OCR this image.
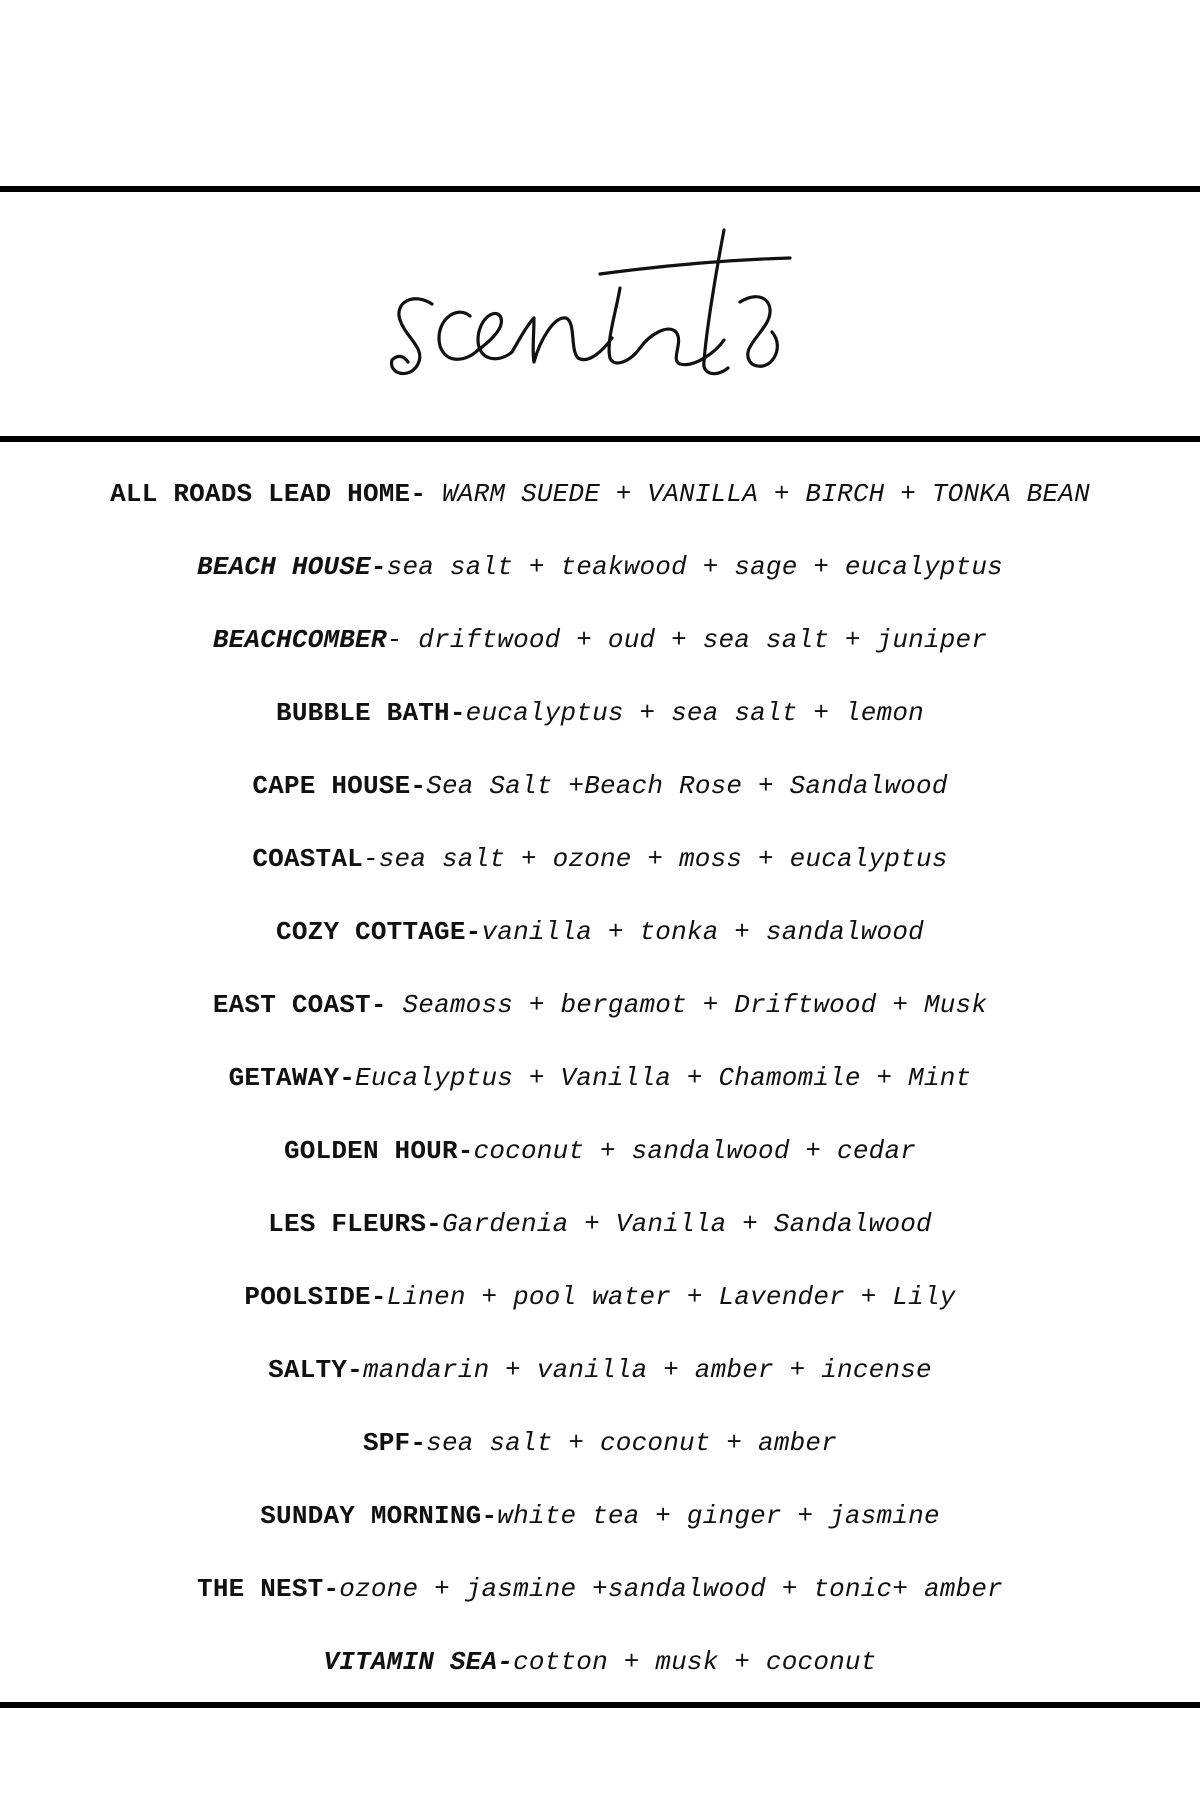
ALL ROADS LEAD HOME- WARM SUEDE + VANILLA + BIRCH + TONKA BEAN
BEACH HOUSE-sea salt + teakwood + sage + eucalyptus
BEACHCOMBER- driftwood + oud + sea salt + juniper
BUBBLE BATH-eucalyptus + sea salt + lemon
CAPE HOUSE-Sea Salt +Beach Rose + Sandalwood
COASTAL-sea salt + ozone + moss + eucalyptus
COZY COTTAGE-vanilla + tonka + sandalwood
EAST COAST- Seamoss + bergamot + Driftwood + Musk
GETAWAY-Eucalyptus + Vanilla + Chamomile + Mint
GOLDEN HOUR-coconut + sandalwood + cedar
LES FLEURS-Gardenia + Vanilla + Sandalwood
POOLSIDE-Linen + pool water + Lavender + Lily
SALTY-mandarin + vanilla + amber + incense
SPF-sea salt + coconut + amber
SUNDAY MORNING-white tea + ginger + jasmine
THE NEST-ozone + jasmine +sandalwood + tonic+ amber
VITAMIN SEA-cotton + musk + coconut
